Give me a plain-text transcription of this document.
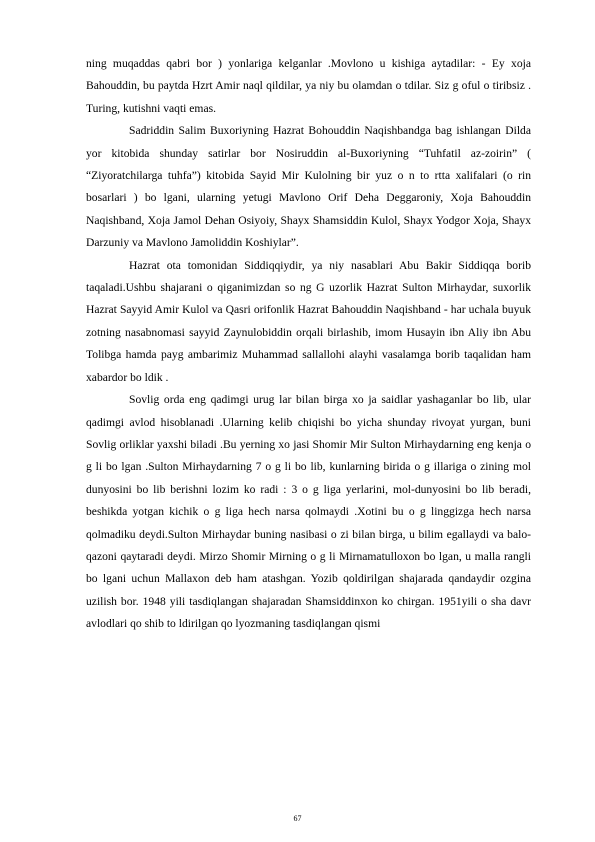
ning muqaddas qabri bor ) yonlariga kelganlar .Movlono u kishiga aytadilar: - Ey xoja Bahouddin, bu paytda Hzrt Amir naql qildilar, ya niy bu olamdan o tdilar. Siz g oful o tiribsiz . Turing, kutishni vaqti emas.

Sadriddin Salim Buxoriyning Hazrat Bohouddin Naqishbandga bag ishlangan Dilda yor kitobida shunday satirlar bor Nosiruddin al-Buxoriyning “Tuhfatil az-zoirin” ( “Ziyoratchilarga tuhfa”) kitobida Sayid Mir Kulolning bir yuz o n to rtta xalifalari (o rin bosarlari ) bo lgani, ularning yetugi Mavlono Orif Deha Deggaroniy, Xoja Bahouddin Naqishband, Xoja Jamol Dehan Osiyoiy, Shayx Shamsiddin Kulol, Shayx Yodgor Xoja, Shayx Darzuniy va Mavlono Jamoliddin Koshiylar”.

Hazrat ota tomonidan Siddiqqiydir, ya niy nasablari Abu Bakir Siddiqqa borib taqaladi.Ushbu shajarani o qiganimizdan so ng G uzorlik Hazrat Sulton Mirhaydar, suxorlik Hazrat Sayyid Amir Kulol va Qasri orifonlik Hazrat Bahouddin Naqishband - har uchala buyuk zotning nasabnomasi sayyid Zaynulobiddin orqali birlashib, imom Husayin ibn Aliy ibn Abu Tolibga hamda payg ambarimiz Muhammad sallallohi alayhi vasalamga borib taqalidan ham xabardor bo ldik .

Sovlig orda eng qadimgi urug lar bilan birga xo ja saidlar yashaganlar bo lib, ular qadimgi avlod hisoblanadi .Ularning kelib chiqishi bo yicha shunday rivoyat yurgan, buni Sovlig orliklar yaxshi biladi .Bu yerning xo jasi Shomir Mir Sulton Mirhaydarning eng kenja o g li bo lgan .Sulton Mirhaydarning 7 o g li bo lib, kunlarning birida o g illariga o zining mol dunyosini bo lib berishni lozim ko radi : 3 o g liga yerlarini, mol-dunyosini bo lib beradi, beshikda yotgan kichik o g liga hech narsa qolmaydi .Xotini bu o g linggizga hech narsa qolmadiku deydi.Sulton Mirhaydar buning nasibasi o zi bilan birga, u bilim egallaydi va balo-qazoni qaytaradi deydi. Mirzo Shomir Mirning o g li Mirnamatulloxon bo lgan, u malla rangli bo lgani uchun Mallaxon deb ham atashgan. Yozib qoldirilgan shajarada qandaydir ozgina uzilish bor. 1948 yili tasdiqlangan shajaradan Shamsiddinxon ko chirgan. 1951yili o sha davr avlodlari qo shib to ldirilgan qo lyozmaning tasdiqlangan qismi

67
